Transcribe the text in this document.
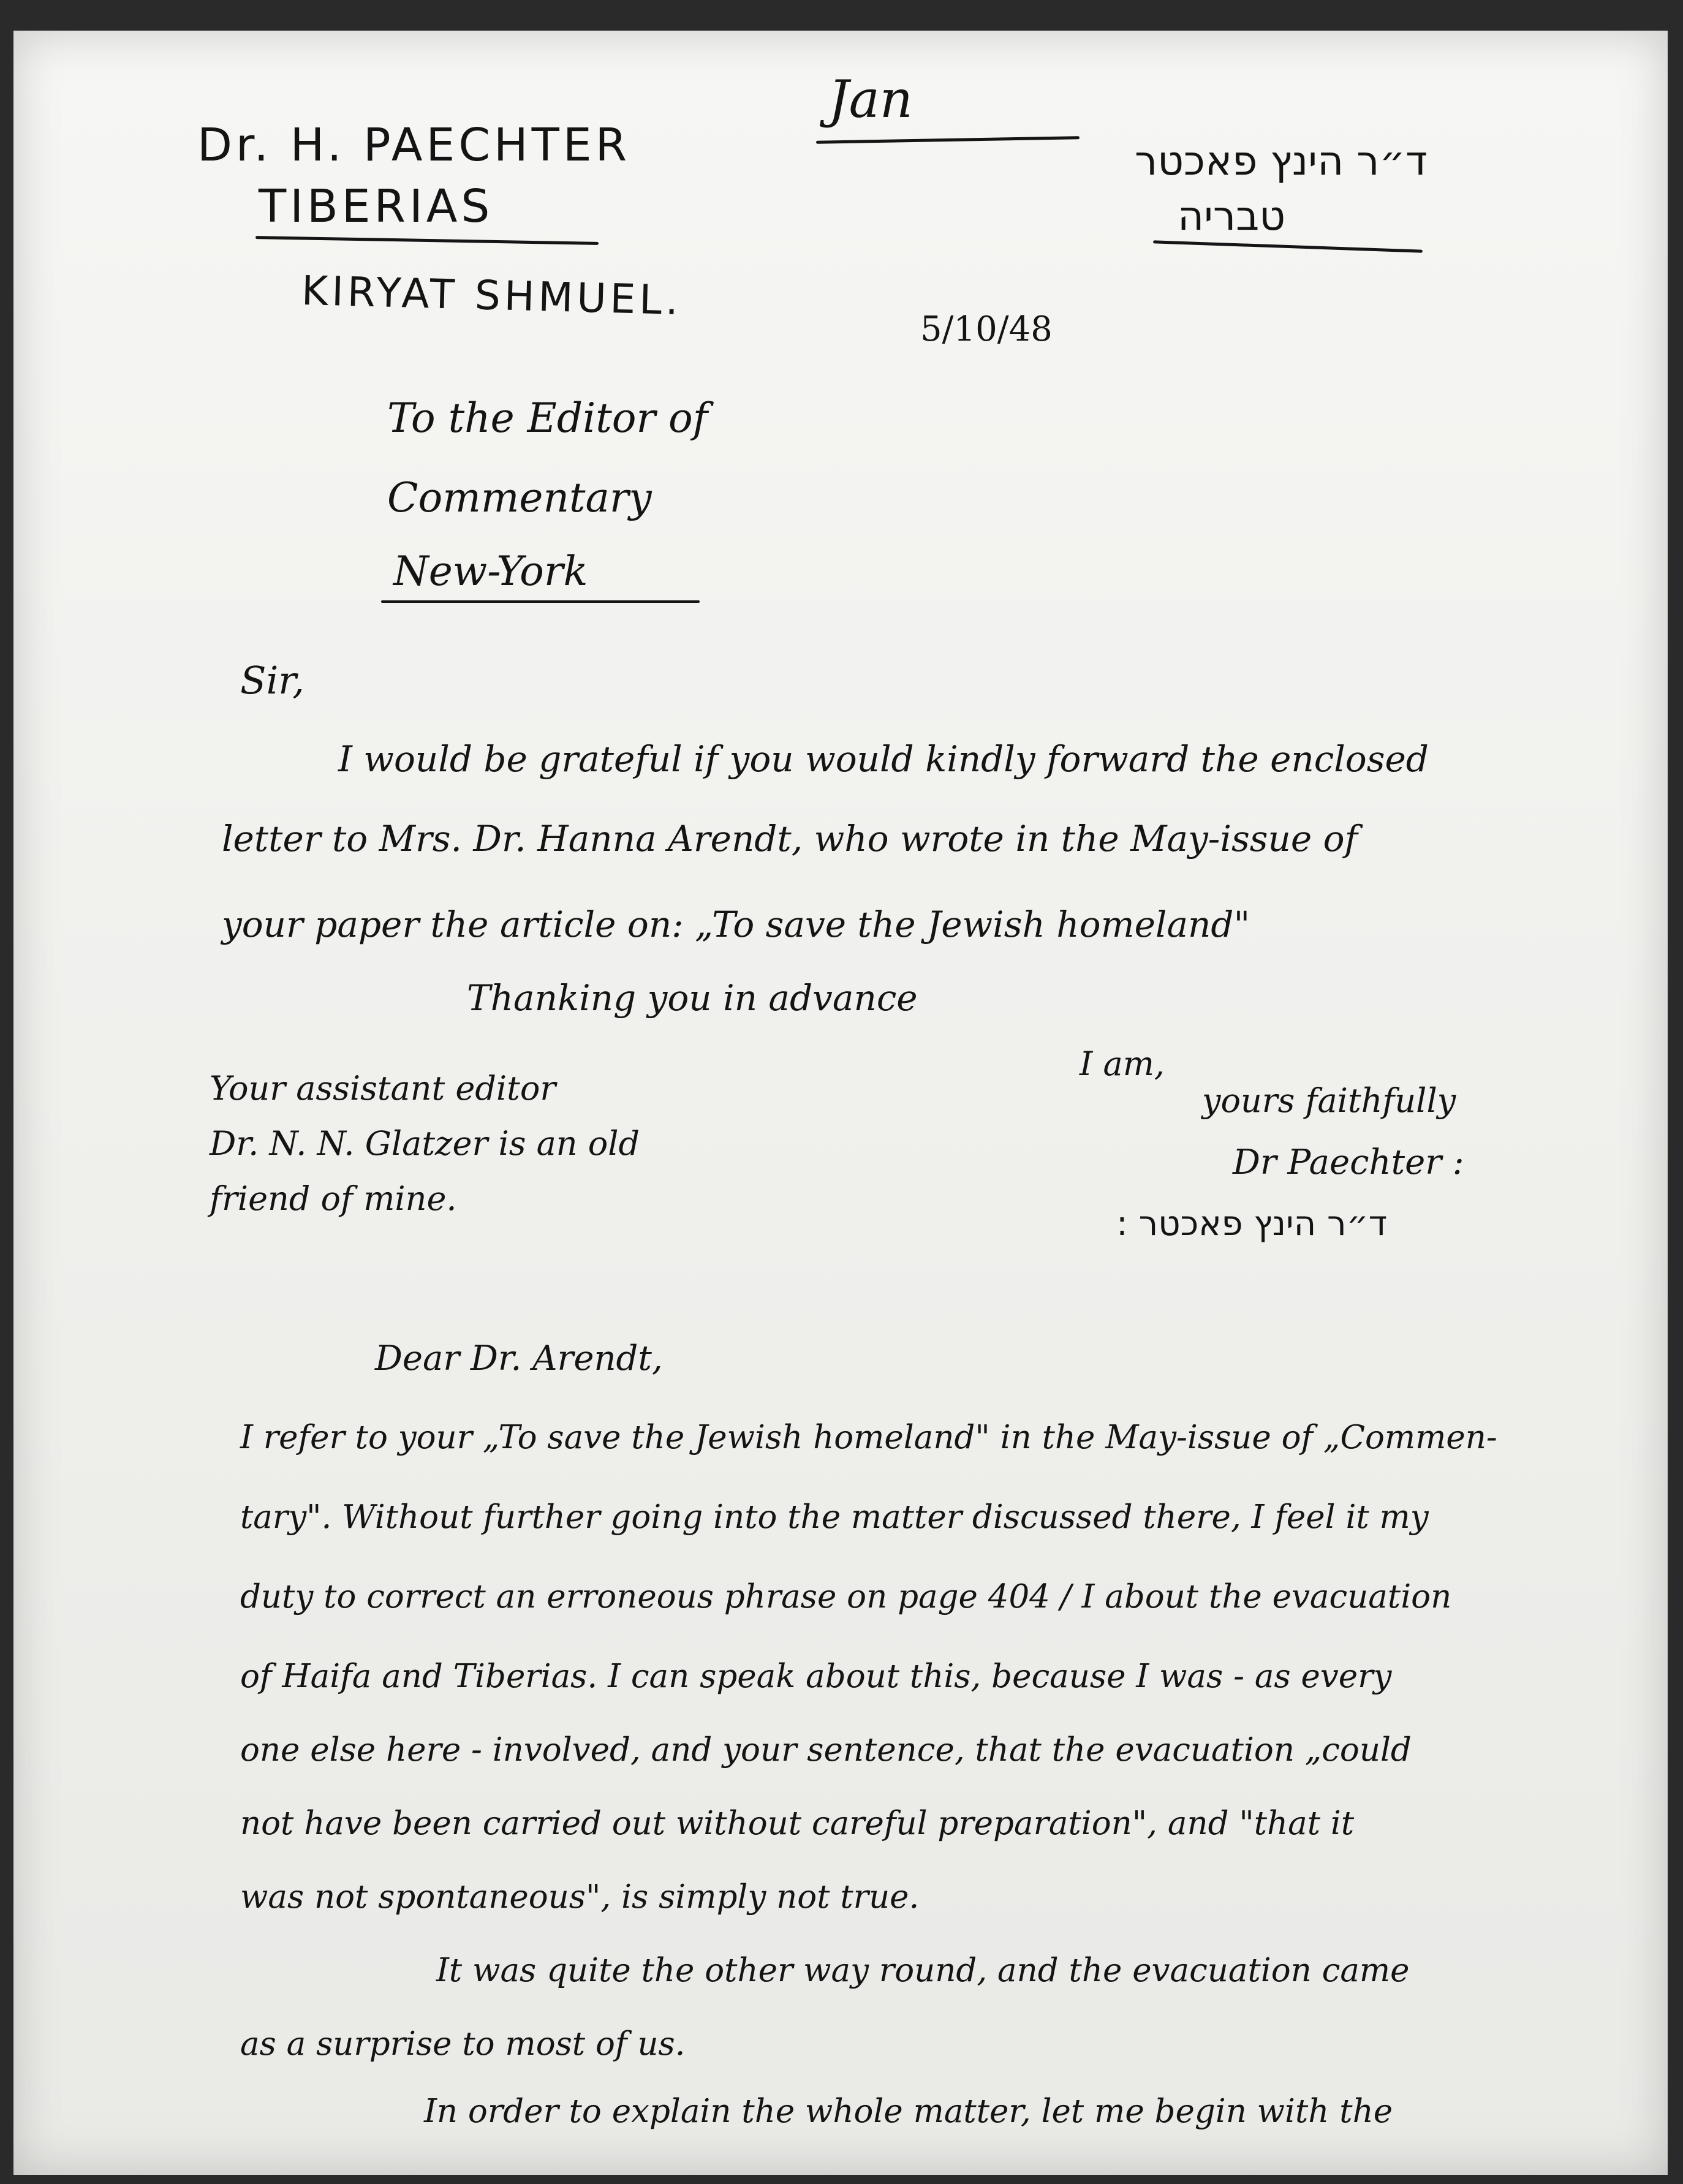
Jan

Dr. H. PAECHTER

TIBERIAS

KIRYAT SHMUEL.

ד״ר הינץ פאכטר

טבריה

5/10/48

To the Editor of

Commentary

New-York

Sir,

I would be grateful if you would kindly forward the enclosed

letter to Mrs. Dr. Hanna Arendt, who wrote in the May-issue of

your paper the article on: „To save the Jewish homeland"

Thanking you in advance

I am,

yours faithfully

Dr Paechter :

ד״ר הינץ פאכטר :

Your assistant editor

Dr. N. N. Glatzer is an old

friend of mine.

Dear Dr. Arendt,

I refer to your „To save the Jewish homeland" in the May-issue of „Commen-

tary". Without further going into the matter discussed there, I feel it my

duty to correct an erroneous phrase on page 404 / I about the evacuation

of Haifa and Tiberias. I can speak about this, because I was - as every

one else here - involved, and your sentence, that the evacuation „could

not have been carried out without careful preparation", and "that it

was not spontaneous", is simply not true.

It was quite the other way round, and the evacuation came

as a surprise to most of us.

In order to explain the whole matter, let me begin with the
